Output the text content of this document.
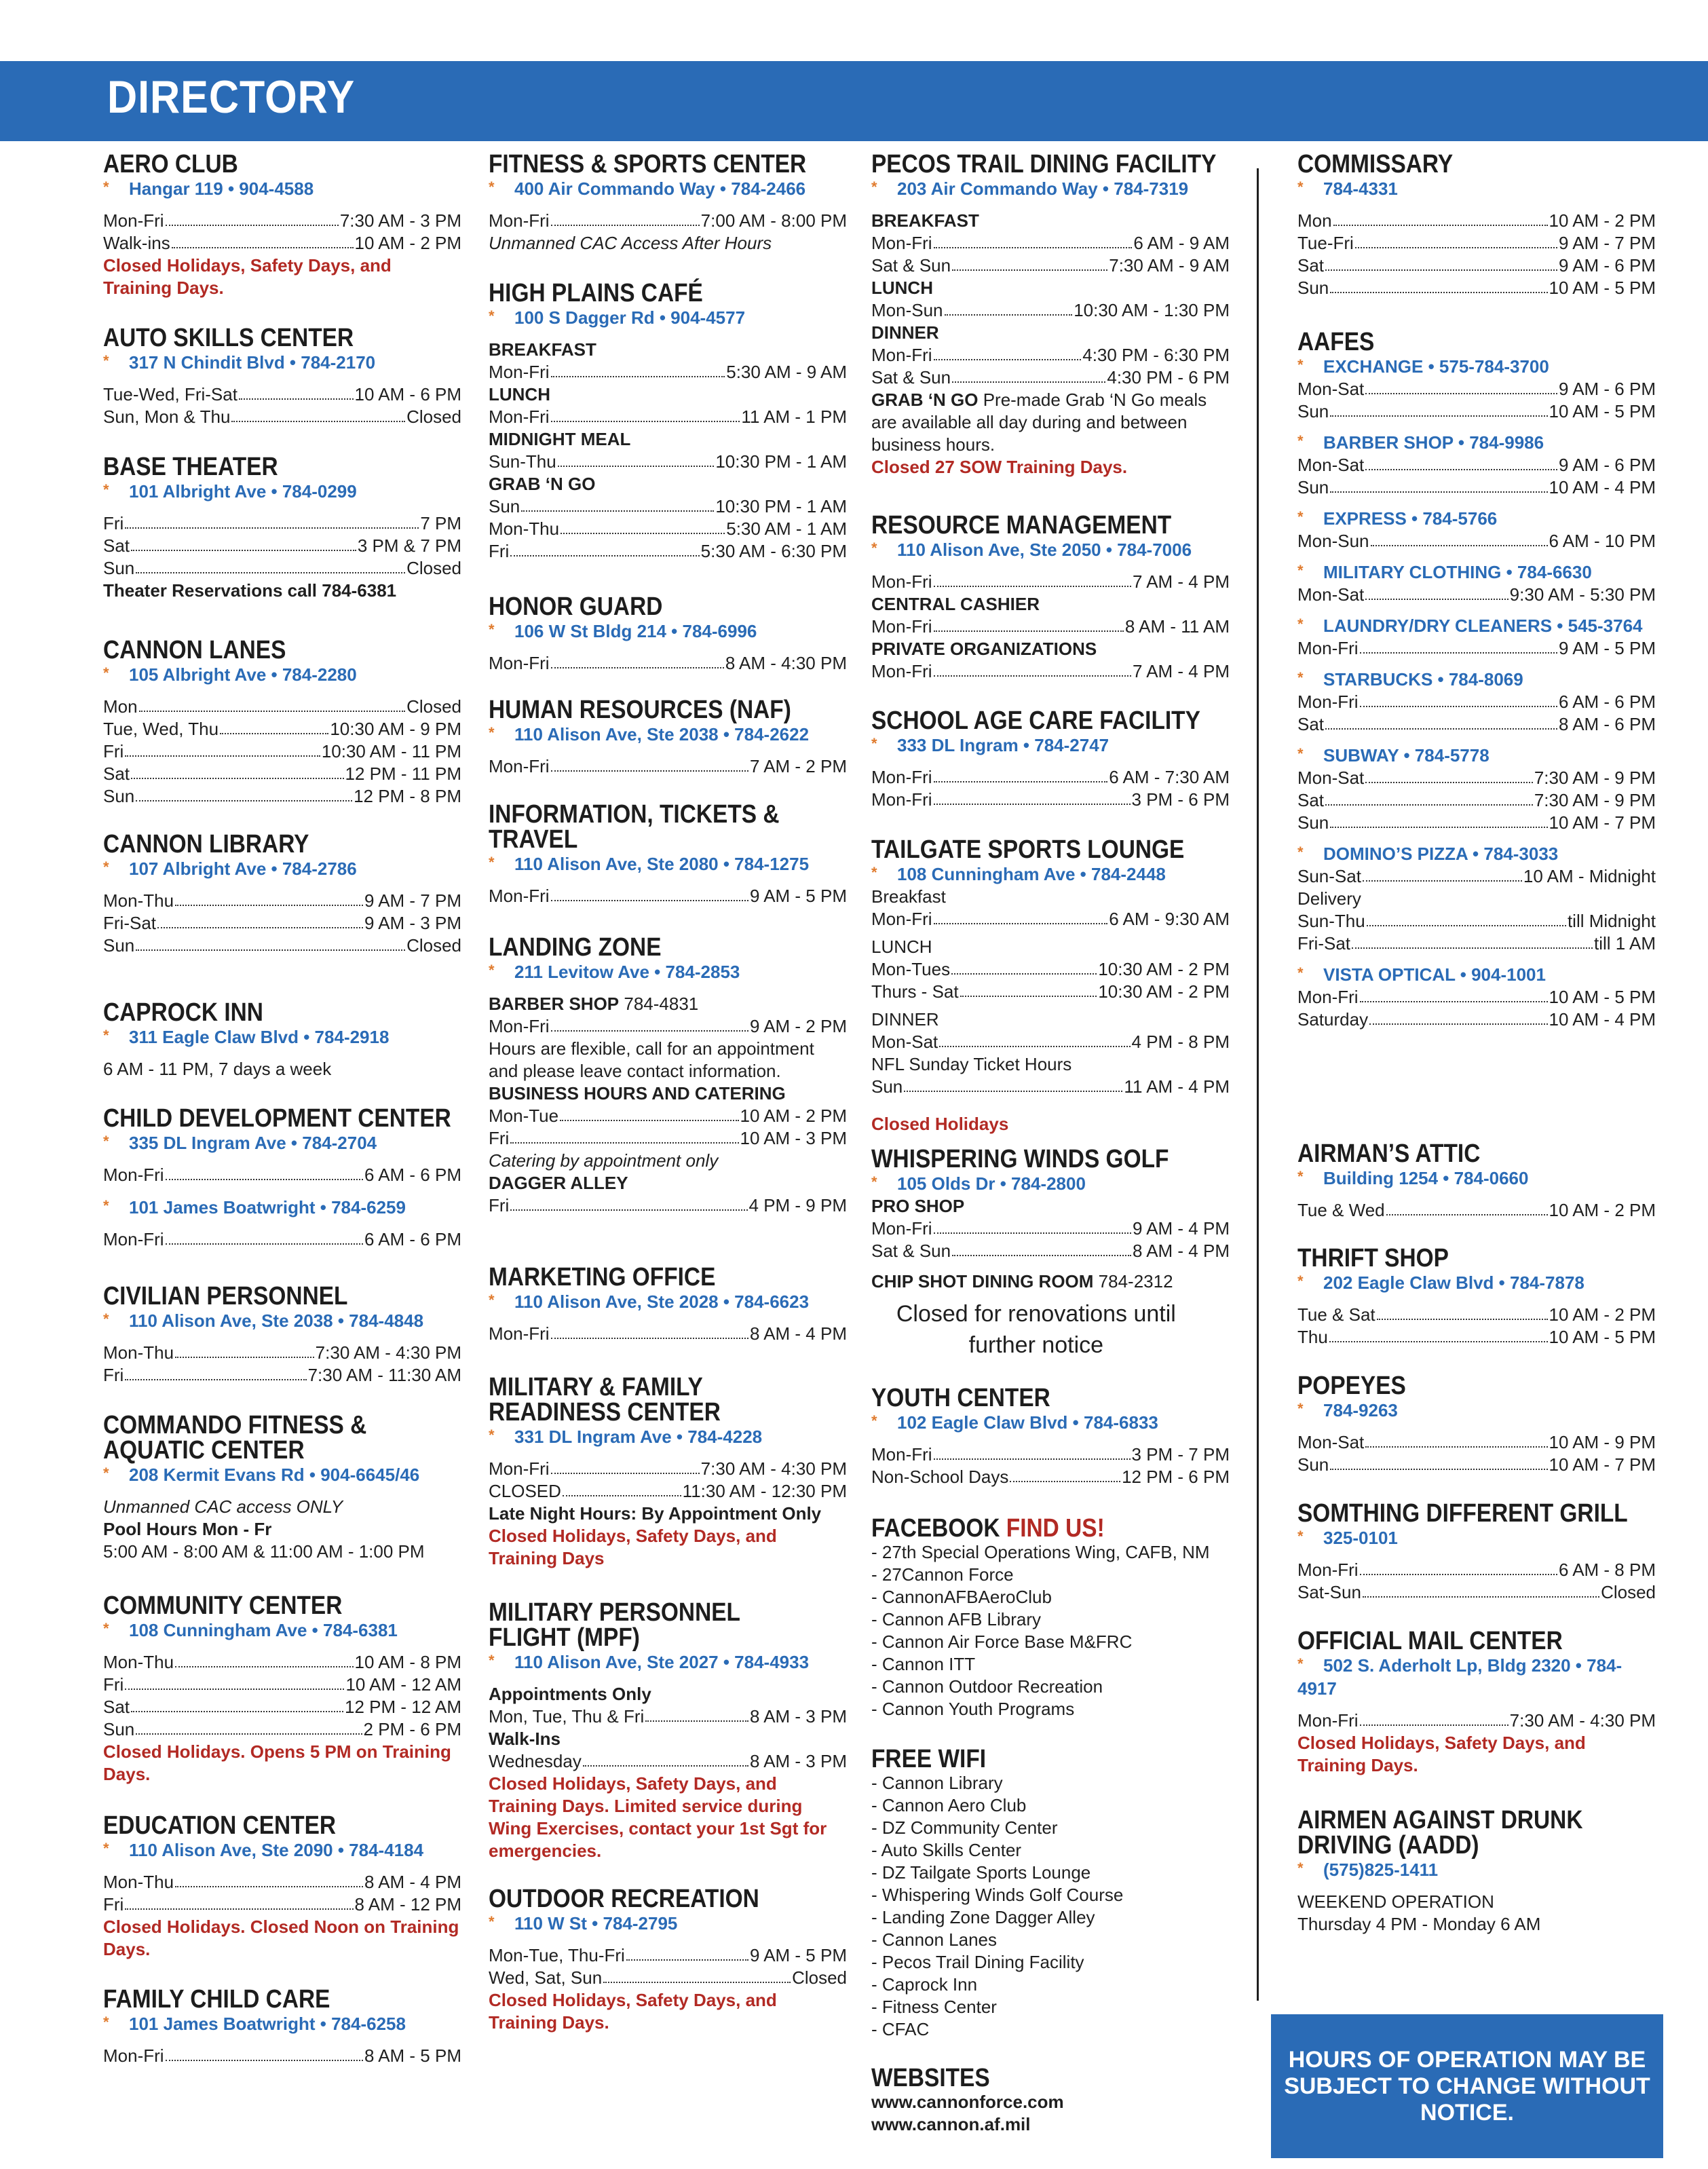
DIRECTORY
AERO CLUB
* Hangar 119 • 904-4588
Mon-Fri	7:30 AM - 3 PM
Walk-ins	10 AM - 2 PM
Closed Holidays, Safety Days, and Training Days.
AUTO SKILLS CENTER
* 317 N Chindit Blvd • 784-2170
Tue-Wed, Fri-Sat	10 AM - 6 PM
Sun, Mon & Thu	Closed
BASE THEATER
* 101 Albright Ave • 784-0299
Fri	7 PM
Sat	3 PM & 7 PM
Sun	Closed
Theater Reservations call 784-6381
CANNON LANES
* 105 Albright Ave • 784-2280
Mon	Closed
Tue, Wed, Thu	10:30 AM - 9 PM
Fri	10:30 AM - 11 PM
Sat	12 PM - 11 PM
Sun	12 PM - 8 PM
CANNON LIBRARY
* 107 Albright Ave • 784-2786
Mon-Thu	9 AM - 7 PM
Fri-Sat	9 AM - 3 PM
Sun	Closed
CAPROCK INN
* 311 Eagle Claw Blvd • 784-2918
6 AM - 11 PM, 7 days a week
CHILD DEVELOPMENT CENTER
* 335 DL Ingram Ave • 784-2704
Mon-Fri	6 AM - 6 PM
* 101 James Boatwright • 784-6259
Mon-Fri	6 AM - 6 PM
CIVILIAN PERSONNEL
* 110 Alison Ave, Ste 2038 • 784-4848
Mon-Thu	7:30 AM - 4:30 PM
Fri	7:30 AM - 11:30 AM
COMMANDO FITNESS & AQUATIC CENTER
* 208 Kermit Evans Rd • 904-6645/46
Unmanned CAC access ONLY
Pool Hours Mon - Fr
5:00 AM - 8:00 AM & 11:00 AM - 1:00 PM
COMMUNITY CENTER
* 108 Cunningham Ave • 784-6381
Mon-Thu	10 AM - 8 PM
Fri	10 AM - 12 AM
Sat	12 PM - 12 AM
Sun	2 PM - 6 PM
Closed Holidays. Opens 5 PM on Training Days.
EDUCATION CENTER
* 110 Alison Ave, Ste 2090 • 784-4184
Mon-Thu	8 AM - 4 PM
Fri	8 AM - 12 PM
Closed Holidays. Closed Noon on Training Days.
FAMILY CHILD CARE
* 101 James Boatwright • 784-6258
Mon-Fri	8 AM - 5 PM
FITNESS & SPORTS CENTER
* 400 Air Commando Way • 784-2466
Mon-Fri	7:00 AM - 8:00 PM
Unmanned CAC Access After Hours
HIGH PLAINS CAFÉ
* 100 S Dagger Rd • 904-4577
BREAKFAST
Mon-Fri	5:30 AM - 9 AM
LUNCH
Mon-Fri	11 AM - 1 PM
MIDNIGHT MEAL
Sun-Thu	10:30 PM - 1 AM
GRAB ‘N GO
Sun	10:30 PM - 1 AM
Mon-Thu	5:30 AM - 1 AM
Fri	5:30 AM - 6:30 PM
HONOR GUARD
* 106 W St Bldg 214 • 784-6996
Mon-Fri	8 AM - 4:30 PM
HUMAN RESOURCES (NAF)
* 110 Alison Ave, Ste 2038 • 784-2622
Mon-Fri	7 AM - 2 PM
INFORMATION, TICKETS & TRAVEL
* 110 Alison Ave, Ste 2080 • 784-1275
Mon-Fri	9 AM - 5 PM
LANDING ZONE
* 211 Levitow Ave • 784-2853
BARBER SHOP 784-4831
Mon-Fri	9 AM - 2 PM
Hours are flexible, call for an appointment and please leave contact information.
BUSINESS HOURS AND CATERING
Mon-Tue	10 AM - 2 PM
Fri	10 AM - 3 PM
Catering by appointment only
DAGGER ALLEY
Fri	4 PM - 9 PM
MARKETING OFFICE
* 110 Alison Ave, Ste 2028 • 784-6623
Mon-Fri	8 AM - 4 PM
MILITARY & FAMILY READINESS CENTER
* 331 DL Ingram Ave • 784-4228
Mon-Fri	7:30 AM - 4:30 PM
CLOSED	11:30 AM - 12:30 PM
Late Night Hours: By Appointment Only
Closed Holidays, Safety Days, and Training Days
MILITARY PERSONNEL FLIGHT (MPF)
* 110 Alison Ave, Ste 2027 • 784-4933
Appointments Only
Mon, Tue, Thu & Fri	8 AM - 3 PM
Walk-Ins
Wednesday	8 AM - 3 PM
Closed Holidays, Safety Days, and Training Days. Limited service during Wing Exercises, contact your 1st Sgt for emergencies.
OUTDOOR RECREATION
* 110 W St • 784-2795
Mon-Tue, Thu-Fri	9 AM - 5 PM
Wed, Sat, Sun	Closed
Closed Holidays, Safety Days, and Training Days.
PECOS TRAIL DINING FACILITY
* 203 Air Commando Way • 784-7319
BREAKFAST
Mon-Fri	6 AM - 9 AM
Sat & Sun	7:30 AM - 9 AM
LUNCH
Mon-Sun	10:30 AM - 1:30 PM
DINNER
Mon-Fri	4:30 PM - 6:30 PM
Sat & Sun	4:30 PM - 6 PM
GRAB ‘N GO Pre-made Grab ‘N Go meals are available all day during and between business hours.
Closed 27 SOW Training Days.
RESOURCE MANAGEMENT
* 110 Alison Ave, Ste 2050 • 784-7006
Mon-Fri	7 AM - 4 PM
CENTRAL CASHIER
Mon-Fri	8 AM - 11 AM
PRIVATE ORGANIZATIONS
Mon-Fri	7 AM - 4 PM
SCHOOL AGE CARE FACILITY
* 333 DL Ingram • 784-2747
Mon-Fri	6 AM - 7:30 AM
Mon-Fri	3 PM - 6 PM
TAILGATE SPORTS LOUNGE
* 108 Cunningham Ave • 784-2448
Breakfast
Mon-Fri	6 AM - 9:30 AM
LUNCH
Mon-Tues	10:30 AM - 2 PM
Thurs - Sat	10:30 AM - 2 PM
DINNER
Mon-Sat	4 PM - 8 PM
NFL Sunday Ticket Hours
Sun	11 AM - 4 PM
Closed Holidays
WHISPERING WINDS GOLF
* 105 Olds Dr • 784-2800
PRO SHOP
Mon-Fri	9 AM - 4 PM
Sat & Sun	8 AM - 4 PM
CHIP SHOT DINING ROOM 784-2312
Closed for renovations until further notice
YOUTH CENTER
* 102 Eagle Claw Blvd • 784-6833
Mon-Fri	3 PM - 7 PM
Non-School Days	12 PM - 6 PM
FACEBOOK FIND US!
- 27th Special Operations Wing, CAFB, NM
- 27Cannon Force
- CannonAFBAeroClub
- Cannon AFB Library
- Cannon Air Force Base M&FRC
- Cannon ITT
- Cannon Outdoor Recreation
- Cannon Youth Programs
FREE WIFI
- Cannon Library
- Cannon Aero Club
- DZ Community Center
- Auto Skills Center
- DZ Tailgate Sports Lounge
- Whispering Winds Golf Course
- Landing Zone Dagger Alley
- Cannon Lanes
- Pecos Trail Dining Facility
- Caprock Inn
- Fitness Center
- CFAC
WEBSITES
www.cannonforce.com
www.cannon.af.mil
COMMISSARY
* 784-4331
Mon	10 AM - 2 PM
Tue-Fri	9 AM - 7 PM
Sat	9 AM - 6 PM
Sun	10 AM - 5 PM
AAFES
* EXCHANGE • 575-784-3700
Mon-Sat	9 AM - 6 PM
Sun	10 AM - 5 PM
* BARBER SHOP • 784-9986
Mon-Sat	9 AM - 6 PM
Sun	10 AM - 4 PM
* EXPRESS • 784-5766
Mon-Sun	6 AM - 10 PM
* MILITARY CLOTHING • 784-6630
Mon-Sat	9:30 AM - 5:30 PM
* LAUNDRY/DRY CLEANERS • 545-3764
Mon-Fri	9 AM - 5 PM
* STARBUCKS • 784-8069
Mon-Fri	6 AM - 6 PM
Sat	8 AM - 6 PM
* SUBWAY • 784-5778
Mon-Sat	7:30 AM - 9 PM
Sat	7:30 AM - 9 PM
Sun	10 AM - 7 PM
* DOMINO’S PIZZA • 784-3033
Sun-Sat	10 AM - Midnight
Delivery
Sun-Thu	till Midnight
Fri-Sat	till 1 AM
* VISTA OPTICAL • 904-1001
Mon-Fri	10 AM - 5 PM
Saturday	10 AM - 4 PM
AIRMAN’S ATTIC
* Building 1254 • 784-0660
Tue & Wed	10 AM - 2 PM
THRIFT SHOP
* 202 Eagle Claw Blvd • 784-7878
Tue & Sat	10 AM - 2 PM
Thu	10 AM - 5 PM
POPEYES
* 784-9263
Mon-Sat	10 AM - 9 PM
Sun	10 AM - 7 PM
SOMTHING DIFFERENT GRILL
* 325-0101
Mon-Fri	6 AM - 8 PM
Sat-Sun	Closed
OFFICIAL MAIL CENTER
* 502 S. Aderholt Lp, Bldg 2320 • 784-4917
Mon-Fri	7:30 AM - 4:30 PM
Closed Holidays, Safety Days, and Training Days.
AIRMEN AGAINST DRUNK DRIVING (AADD)
* (575)825-1411
WEEKEND OPERATION
Thursday 4 PM - Monday 6 AM
HOURS OF OPERATION MAY BE SUBJECT TO CHANGE WITHOUT NOTICE.
